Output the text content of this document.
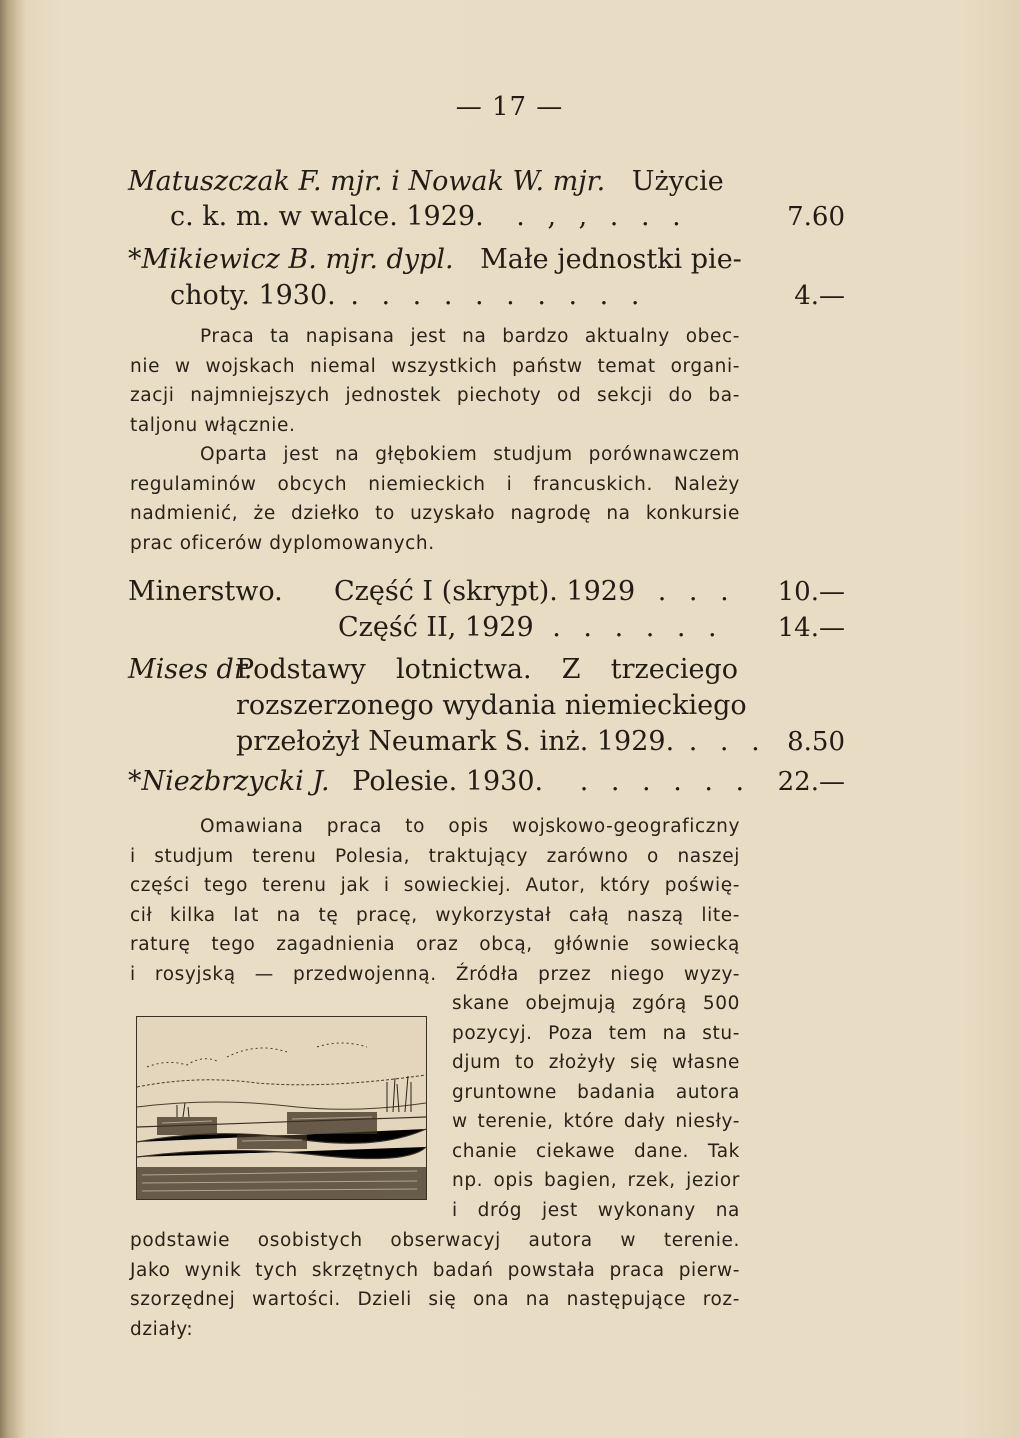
— 17 —
Matuszczak F. mjr. i Nowak W. mjr. Użycie
c. k. m. w walce. 1929. . , , . . .	7.60
*Mikiewicz B. mjr. dypl. Małe jednostki pie-
choty. 1930. . . . . . . . . . .	4.—
Praca ta napisana jest na bardzo aktualny obec-
nie w wojskach niemal wszystkich państw temat organi-
zacji najmniejszych jednostek piechoty od sekcji do ba-
taljonu włącznie.
Oparta jest na głębokiem studjum porównawczem
regulaminów obcych niemieckich i francuskich. Należy
nadmienić, że dziełko to uzyskało nagrodę na konkursie
prac oficerów dyplomowanych.
Minerstwo. Część I (skrypt). 1929 . . .	10.—
Część II, 1929 . . . . . .	14.—
Mises dr.
Podstawy lotnictwa. Z trzeciego
rozszerzonego wydania niemieckiego
przełożył Neumark S. inż. 1929. . . . 8.50
*Niezbrzycki J. Polesie. 1930. . . . . . .	22.—
Omawiana praca to opis wojskowo-geograficzny
i studjum terenu Polesia, traktujący zarówno o naszej
części tego terenu jak i sowieckiej. Autor, który poświę-
cił kilka lat na tę pracę, wykorzystał całą naszą lite-
raturę tego zagadnienia oraz obcą, głównie sowiecką
i rosyjską — przedwojenną. Źródła przez niego wyzy-
skane obejmują zgórą 500
pozycyj. Poza tem na stu-
djum to złożyły się własne
gruntowne badania autora
w terenie, które dały niesły-
chanie ciekawe dane. Tak
np. opis bagien, rzek, jezior
i dróg jest wykonany na
podstawie osobistych obserwacyj autora w terenie.
Jako wynik tych skrzętnych badań powstała praca pierw-
szorzędnej wartości. Dzieli się ona na następujące roz-
działy:
